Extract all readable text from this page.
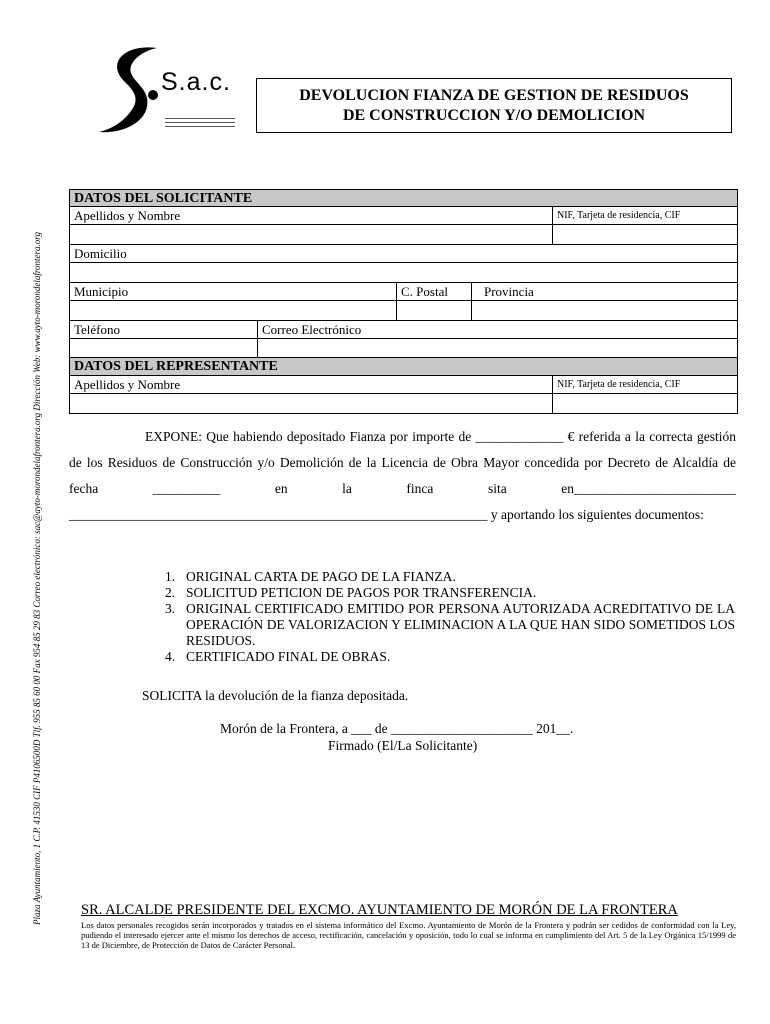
S.a.c.	DEVOLUCION FIANZA DE GESTION DE RESIDUOS
DE CONSTRUCCION Y/O DEMOLICION
Plaza Ayuntamiento, 1 C.P. 41530 CIF P4106500D Tlf. 955 85 60 00 Fax 954 85 29 83 Correo electrónico: sac@ayto-morondelafrontera.org Dirección Web: www.ayto-morondelafrontera.org
DATOS DEL SOLICITANTE
Apellidos y Nombre	NIF, Tarjeta de residencia, CIF
Domicilio
Municipio	C. Postal	Provincia
Teléfono	Correo Electrónico
DATOS DEL REPRESENTANTE
Apellidos y Nombre	NIF, Tarjeta de residencia, CIF

EXPONE: Que habiendo depositado Fianza por importe de _____________ € referida a la correcta gestión de los Residuos de Construcción y/o Demolición de la Licencia de Obra Mayor concedida por Decreto de Alcaldía de fecha __________ en la finca sita en________________________ ______________________________________________________________ y aportando los siguientes documentos:

1. ORIGINAL CARTA DE PAGO DE LA FIANZA.
2. SOLICITUD PETICION DE PAGOS POR TRANSFERENCIA.
3. ORIGINAL CERTIFICADO EMITIDO POR PERSONA AUTORIZADA ACREDITATIVO DE LA OPERACIÓN DE VALORIZACION Y ELIMINACION A LA QUE HAN SIDO SOMETIDOS LOS RESIDUOS.
4. CERTIFICADO FINAL DE OBRAS.
SOLICITA la devolución de la fianza depositada.
Morón de la Frontera, a ___ de _____________________ 201__.
Firmado (El/La Solicitante)
SR. ALCALDE PRESIDENTE DEL EXCMO. AYUNTAMIENTO DE MORÓN DE LA FRONTERA
Los datos personales recogidos serán incorporados y tratados en el sistema informático del Excmo. Ayuntamiento de Morón de la Frontera y podrán ser cedidos de conformidad con la Ley, pudiendo el interesado ejercer ante el mismo los derechos de acceso, rectificación, cancelación y oposición, todo lo cual se informa en cumplimiento del Art. 5 de la Ley Orgánica 15/1999 de 13 de Diciembre, de Protección de Datos de Carácter Personal.
